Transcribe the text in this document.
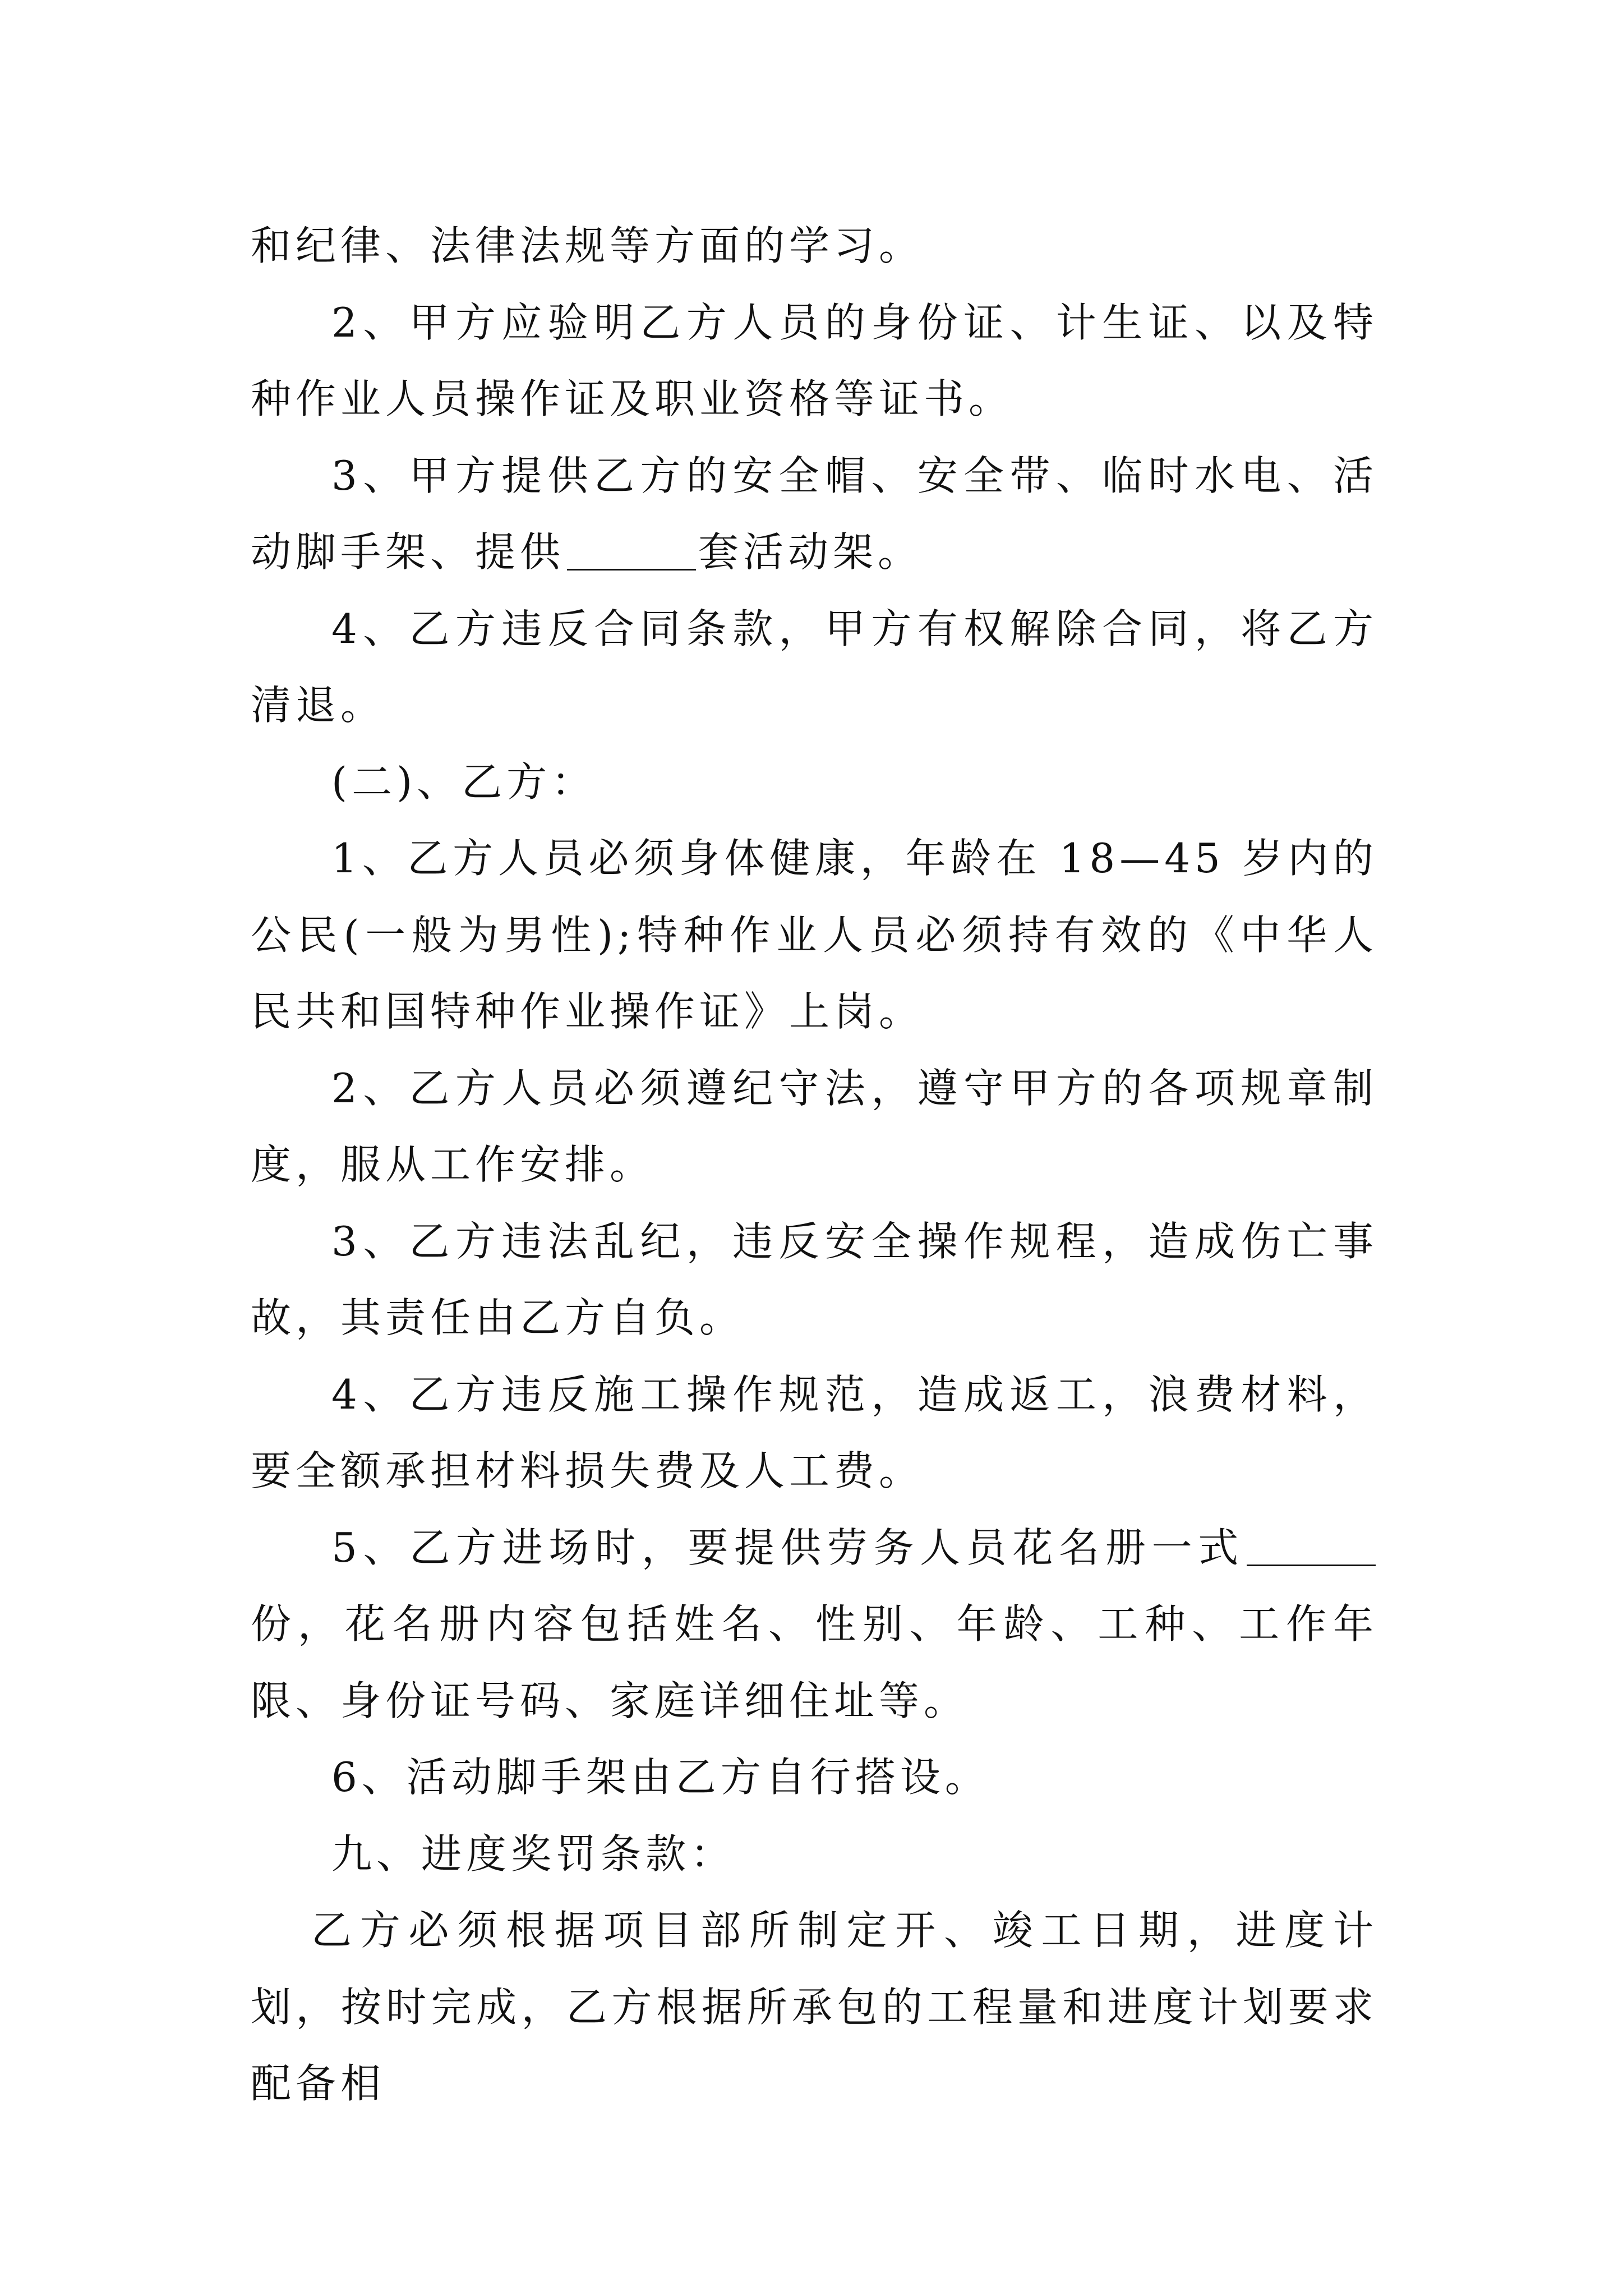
和纪律、法律法规等方面的学习。

2、甲方应验明乙方人员的身份证、计生证、以及特种作业人员操作证及职业资格等证书。

3、甲方提供乙方的安全帽、安全带、临时水电、活动脚手架、提供	套活动架。

4、乙方违反合同条款，甲方有权解除合同，将乙方清退。

(二)、乙方：

1、乙方人员必须身体健康，年龄在 18—45 岁内的公民(一般为男性);特种作业人员必须持有效的《中华人民共和国特种作业操作证》上岗。

2、乙方人员必须遵纪守法，遵守甲方的各项规章制度，服从工作安排。

3、乙方违法乱纪，违反安全操作规程，造成伤亡事故，其责任由乙方自负。

4、乙方违反施工操作规范，造成返工，浪费材料，要全额承担材料损失费及人工费。

5、乙方进场时，要提供劳务人员花名册一式份，花名册内容包括姓名、性别、年龄、工种、工作年限、身份证号码、家庭详细住址等。

6、活动脚手架由乙方自行搭设。

九、进度奖罚条款：

乙方必须根据项目部所制定开、竣工日期，进度计划，按时完成，乙方根据所承包的工程量和进度计划要求配备相
